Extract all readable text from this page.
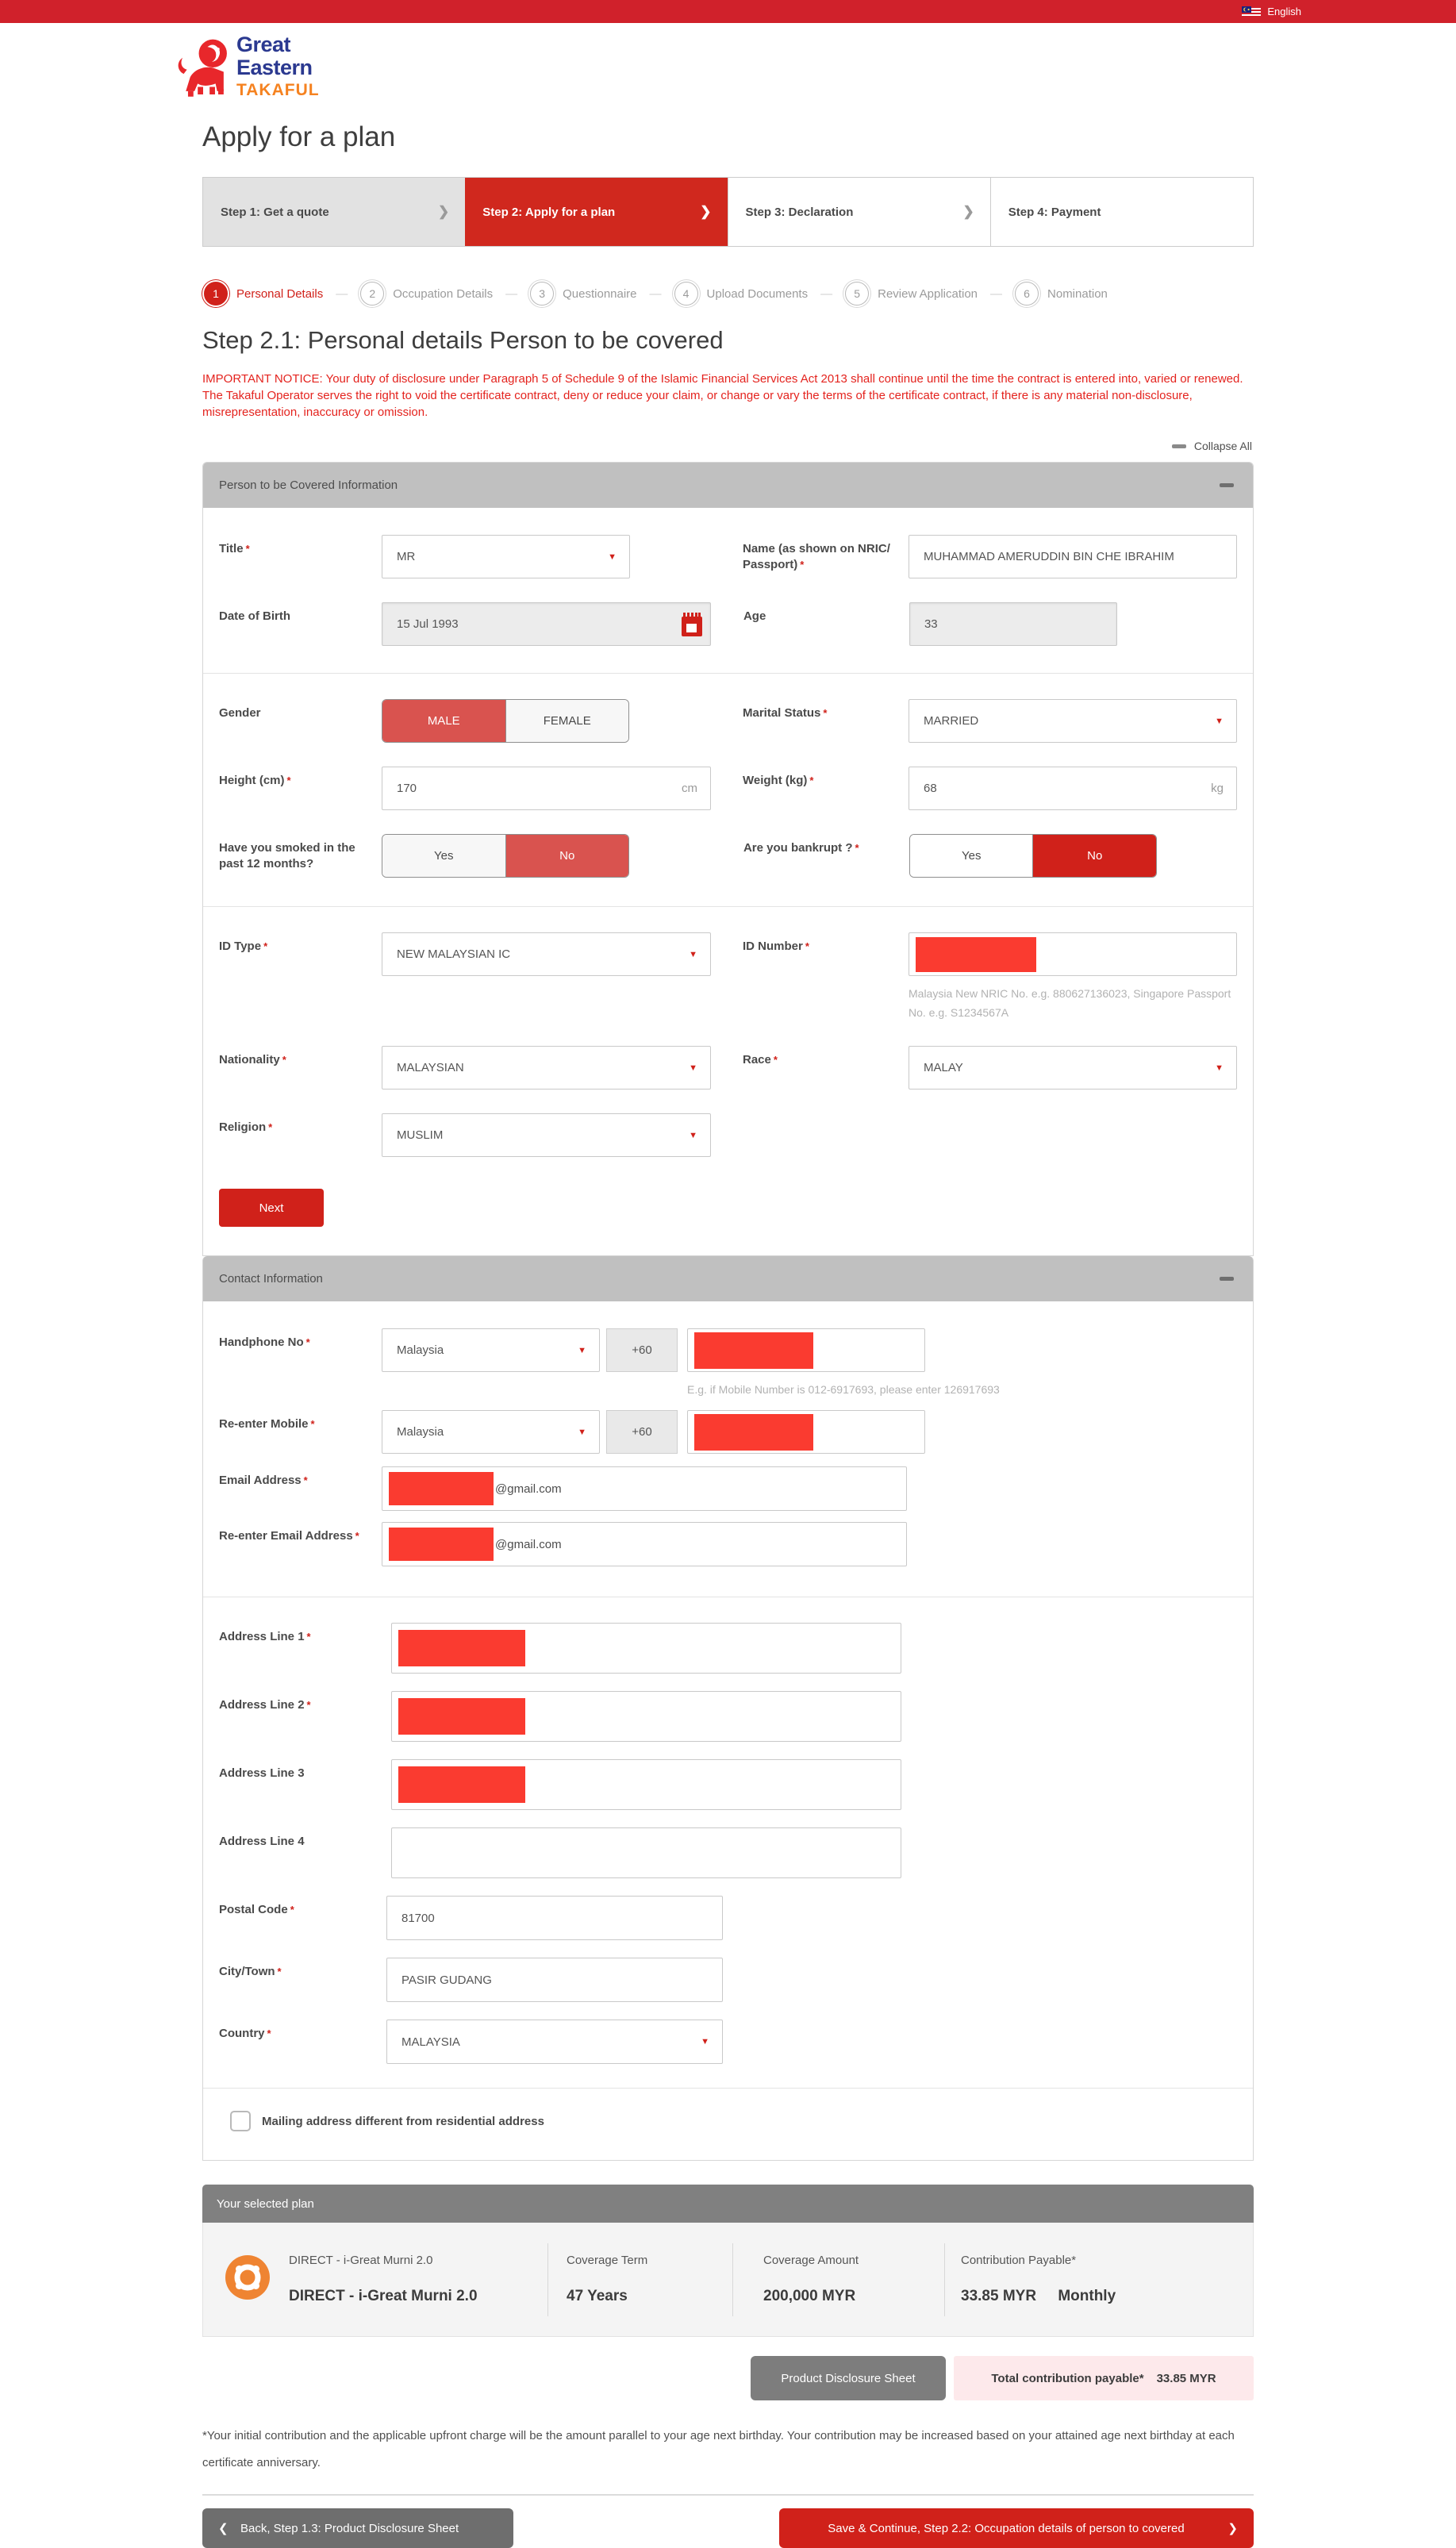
English
Great
Eastern
TAKAFUL
Apply for a plan
Step 1: Get a quote	❯	Step 2: Apply for a plan	❯	Step 3: Declaration	❯	Step 4: Payment
1	Personal Details —	2	Occupation Details —	3	Questionnaire —	4	Upload Documents —	5	Review Application —	6	Nomination
Step 2.1: Personal details Person to be covered
IMPORTANT NOTICE: Your duty of disclosure under Paragraph 5 of Schedule 9 of the Islamic Financial Services Act 2013 shall continue until the time the contract is entered into, varied or renewed. The Takaful Operator serves the right to void the certificate contract, deny or reduce your claim, or change or vary the terms of the certificate contract, if there is any material non-disclosure, misrepresentation, inaccuracy or omission.
Collapse All
Person to be Covered Information
Title *
MR	▼
Name (as shown on NRIC/ Passport) *
MUHAMMAD AMERUDDIN BIN CHE IBRAHIM
Date of Birth
15 Jul 1993
Age
33
Gender
MALE	FEMALE
Marital Status *
MARRIED	▼
Height (cm) *
170	cm
Weight (kg) *
68	kg
Have you smoked in the past 12 months?
Yes	No
Are you bankrupt ? *
Yes	No
ID Type *
NEW MALAYSIAN IC	▼
ID Number *
Malaysia New NRIC No. e.g. 880627136023, Singapore Passport No. e.g. S1234567A
Nationality *
MALAYSIAN	▼
Race *
MALAY	▼
Religion *
MUSLIM	▼
Next
Contact Information
Handphone No *
Malaysia	▼	+60
E.g. if Mobile Number is 012-6917693, please enter 126917693
Re-enter Mobile *
Malaysia	▼	+60
Email Address *
@gmail.com
Re-enter Email Address *
@gmail.com
Address Line 1 *
Address Line 2 *
Address Line 3
Address Line 4
Postal Code *
81700
City/Town *
PASIR GUDANG
Country *
MALAYSIA	▼
Mailing address different from residential address
Your selected plan
DIRECT - i-Great Murni 2.0
DIRECT - i-Great Murni 2.0
Coverage Term
47 Years
Coverage Amount
200,000 MYR
Contribution Payable*
33.85 MYR Monthly
Product Disclosure Sheet	Total contribution payable* 33.85 MYR
*Your initial contribution and the applicable upfront charge will be the amount parallel to your age next birthday. Your contribution may be increased based on your attained age next birthday at each certificate anniversary.
❮ Back, Step 1.3: Product Disclosure Sheet	Save & Continue, Step 2.2: Occupation details of person to covered	❯
